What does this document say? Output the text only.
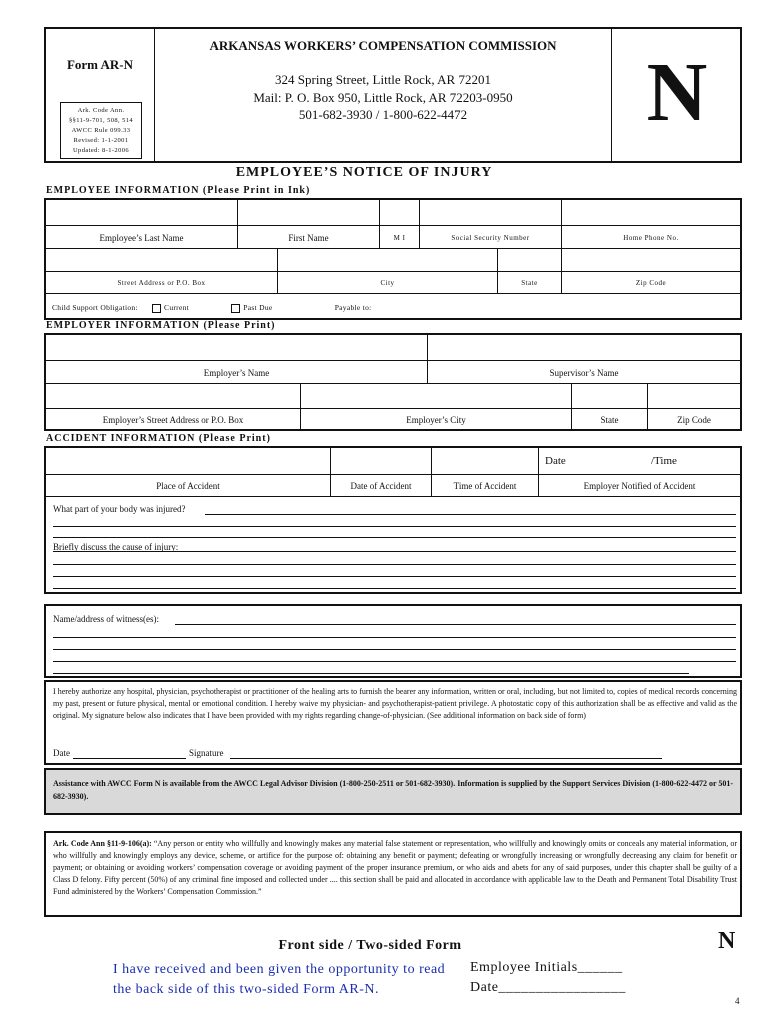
Form AR-N
Ark. Code Ann.
§§11-9-701, 508, 514
AWCC Rule 099.33
Revised: 1-1-2001
Updated: 8-1-2006
ARKANSAS WORKERS’ COMPENSATION COMMISSION
324 Spring Street, Little Rock, AR 72201
Mail: P. O. Box 950, Little Rock, AR 72203-0950
501-682-3930 / 1-800-622-4472	N
EMPLOYEE’S NOTICE OF INJURY
EMPLOYEE INFORMATION (Please Print in Ink)
Employee’s Last Name	First Name	M I	Social Security Number	Home Phone No.
Street Address or P.O. Box	City	State	Zip Code
Child Support Obligation:	Current	Past Due	Payable to:
EMPLOYER INFORMATION (Please Print)
Employer’s Name	Supervisor’s Name
Employer’s Street Address or P.O. Box	Employer’s City	State	Zip Code
ACCIDENT INFORMATION (Please Print)
Date	/Time
Place of Accident	Date of Accident	Time of Accident	Employer Notified of Accident
What part of your body was injured?
Briefly discuss the cause of injury:
Name/address of witness(es):
I hereby authorize any hospital, physician, psychotherapist or practitioner of the healing arts to furnish the bearer any information, written or oral, including, but not limited to, copies of medical records concerning my past, present or future physical, mental or emotional condition. I hereby waive my physician- and psychotherapist-patient privilege. A photostatic copy of this authorization shall be as effective and valid as the original. My signature below also indicates that I have been provided with my rights regarding change-of-physician. (See additional information on back side of form)
Date	Signature
Assistance with AWCC Form N is available from the AWCC Legal Advisor Division (1-800-250-2511 or 501-682-3930). Information is supplied by the Support Services Division (1-800-622-4472 or 501-682-3930).
Ark. Code Ann §11-9-106(a): “Any person or entity who willfully and knowingly makes any material false statement or representation, who willfully and knowingly omits or conceals any material information, or who willfully and knowingly employs any device, scheme, or artifice for the purpose of: obtaining any benefit or payment; defeating or wrongfully increasing or wrongfully decreasing any claim for benefit or payment; or obtaining or avoiding workers’ compensation coverage or avoiding payment of the proper insurance premium, or who aids and abets for any of said purposes, under this chapter shall be guilty of a Class D felony. Fifty percent (50%) of any criminal fine imposed and collected under .... this section shall be paid and allocated in accordance with applicable law to the Death and Permanent Total Disability Trust Fund administered by the Workers’ Compensation Commission.”
Front side / Two-sided Form	N
I have received and been given the opportunity to read the back side of this two-sided Form AR-N.
Employee Initials______
Date_________________
4
